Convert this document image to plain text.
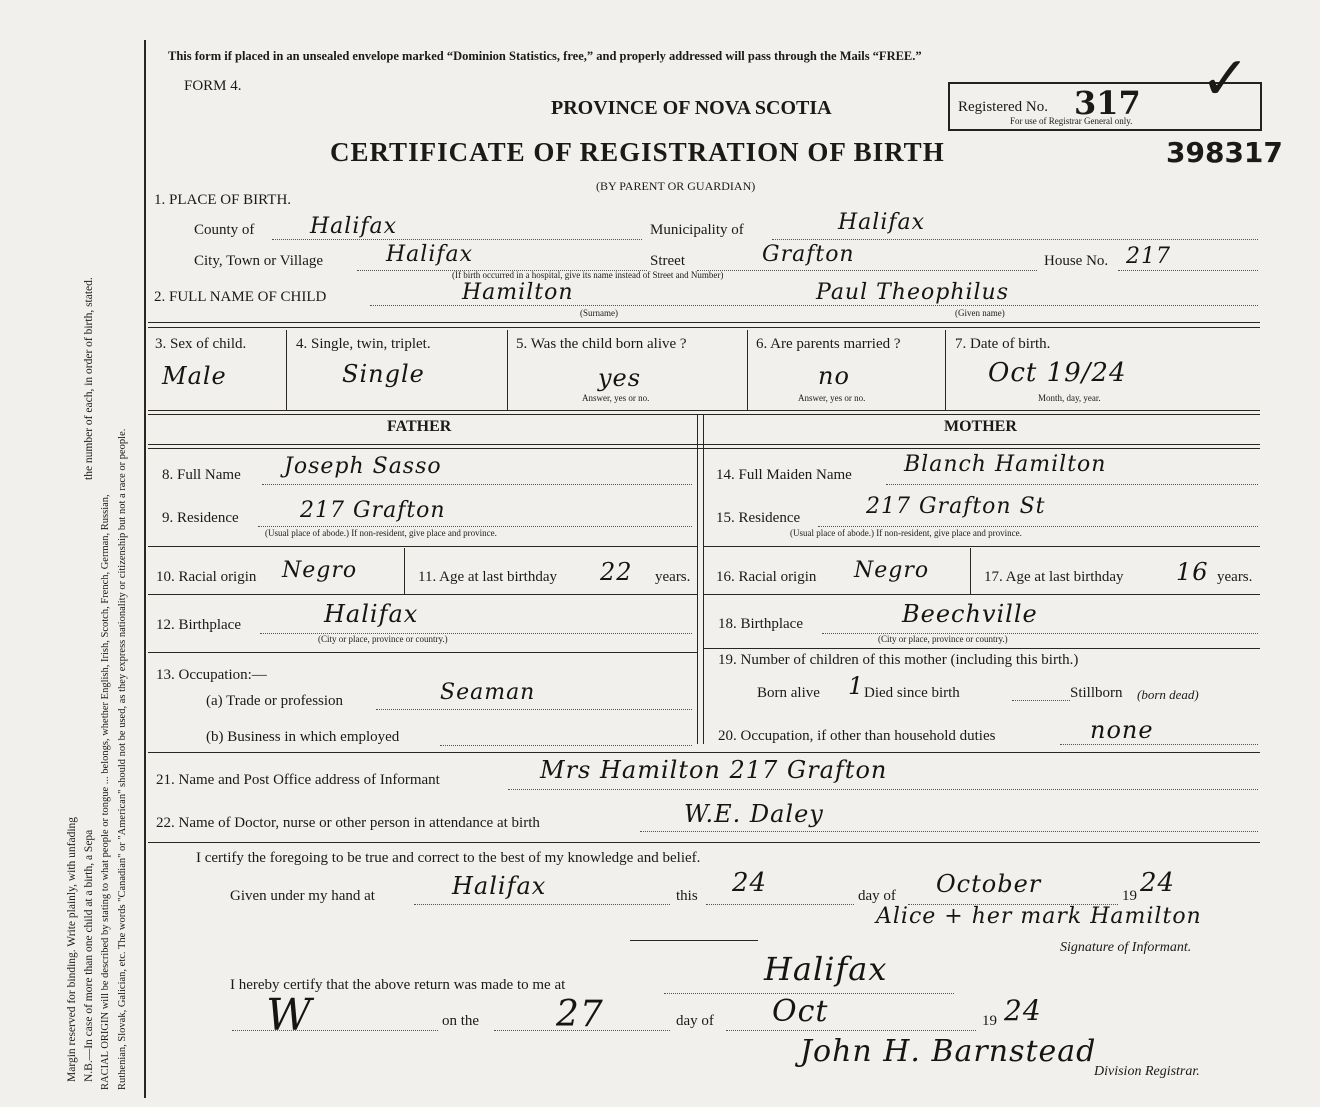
Margin reserved for binding. Write plainly, with unfading N.B.—In case of more than one child at a birth, a Sepa
the number of each, in order of birth, stated.
RACIAL ORIGIN will be described by stating to what people or tongue ... belongs, whether English, Irish, Scotch, French, German, Russian, Ruthenian, Slovak, Galician, etc. The words "Canadian" or "American" should not be used, as they express nationality or citizenship but not a race or people.
This form if placed in an unsealed envelope marked “Dominion Statistics, free,” and properly addressed will pass through the Mails “FREE.”
FORM 4.
PROVINCE OF NOVA SCOTIA
CERTIFICATE OF REGISTRATION OF BIRTH
(BY PARENT OR GUARDIAN)
Registered No. 317
For use of Registrar General only.
✓
398317
1. PLACE OF BIRTH.
County of	Halifax	Municipality of	Halifax
City, Town or Village	Halifax	Street	Grafton	House No. 217
(If birth occurred in a hospital, give its name instead of Street and Number)
2. FULL NAME OF CHILD	Hamilton	Paul Theophilus
(Surname)	(Given name)
3. Sex of child.
Male
4. Single, twin, triplet.
Single
5. Was the child born alive ?
yes
Answer, yes or no.
6. Are parents married ?
no
Answer, yes or no.
7. Date of birth.
Oct 19/24
Month, day, year.
FATHER	MOTHER
8. Full Name Joseph Sasso
9. Residence	217 Grafton
(Usual place of abode.) If non-resident, give place and province.
10. Racial origin Negro	11. Age at last birthday 22 years.
12. Birthplace	Halifax
(City or place, province or country.)
13. Occupation:—
(a) Trade or profession	Seaman
(b) Business in which employed
14. Full Maiden Name Blanch Hamilton
15. Residence	217 Grafton St
(Usual place of abode.) If non-resident, give place and province.
16. Racial origin Negro	17. Age at last birthday 16 years.
18. Birthplace	Beechville
(City or place, province or country.)
19. Number of children of this mother (including this birth.)
Born alive 1 Died since birth	Stillborn (born dead)
20. Occupation, if other than household duties	none
21. Name and Post Office address of Informant	Mrs Hamilton 217 Grafton
22. Name of Doctor, nurse or other person in attendance at birth	W.E. Daley
I certify the foregoing to be true and correct to the best of my knowledge and belief.
Given under my hand at	Halifax	this 24	day of October	19 24
Alice + her mark Hamilton
Signature of Informant.
I hereby certify that the above return was made to me at	Halifax
W	on the 27	day of Oct	19 24
John H. Barnstead
Division Registrar.
